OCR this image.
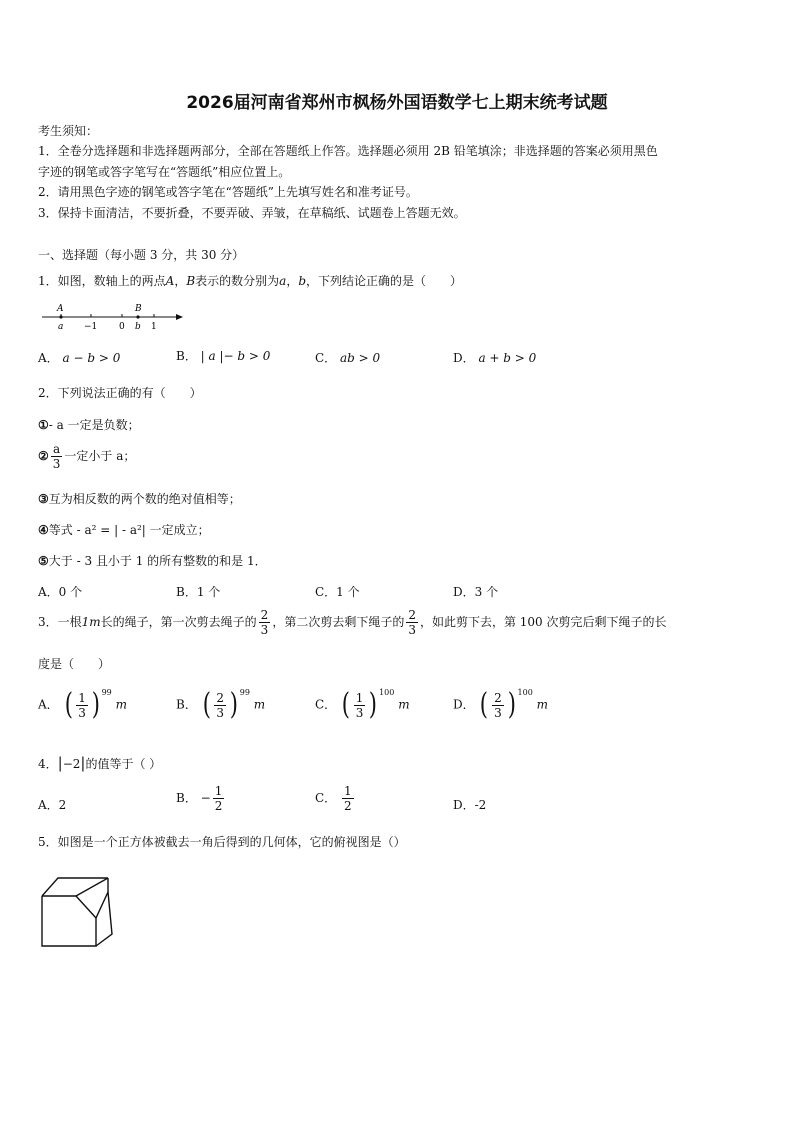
2026届河南省郑州市枫杨外国语数学七上期末统考试题
考生须知：
1．全卷分选择题和非选择题两部分，全部在答题纸上作答。选择题必须用 2B 铅笔填涂；非选择题的答案必须用黑色
字迹的钢笔或答字笔写在“答题纸”相应位置上。
2．请用黑色字迹的钢笔或答字笔在“答题纸”上先填写姓名和准考证号。
3．保持卡面清洁，不要折叠，不要弄破、弄皱，在草稿纸、试题卷上答题无效。
一、选择题（每小题 3 分，共 30 分）
1．如图，数轴上的两点A，B表示的数分别为a，b，下列结论正确的是（　　）
A	B
a −1 0 b 1
A． a − b > 0	B． | a |− b > 0	C． ab > 0	D． a + b > 0
2．下列说法正确的有（　　）
①- a 一定是负数；
② $\frac{a}{3}$ 一定小于 a；
③互为相反数的两个数的绝对值相等；
④等式 - a² = | - a²| 一定成立；
⑤大于 - 3 且小于 1 的所有整数的和是 1．
A．0 个	B．1 个	C．1 个	D．3 个
3．一根1m长的绳子，第一次剪去绳子的 $\frac{2}{3}$ ，第二次剪去剩下绳子的 $\frac{2}{3}$ ，如此剪下去，第 100 次剪完后剩下绳子的长
度是（　　）
A． ( $\frac{1}{3}$ ) $^{99}$ m	B． ( $\frac{2}{3}$ ) $^{99}$ m	C． ( $\frac{1}{3}$ ) $^{100}$ m	D． ( $\frac{2}{3}$ ) $^{100}$ m
4．|−2|的值等于（ ）
A．2	B． − $\frac{1}{2}$	C． $\frac{1}{2}$	D．-2
5．如图是一个正方体被截去一角后得到的几何体，它的俯视图是（）
